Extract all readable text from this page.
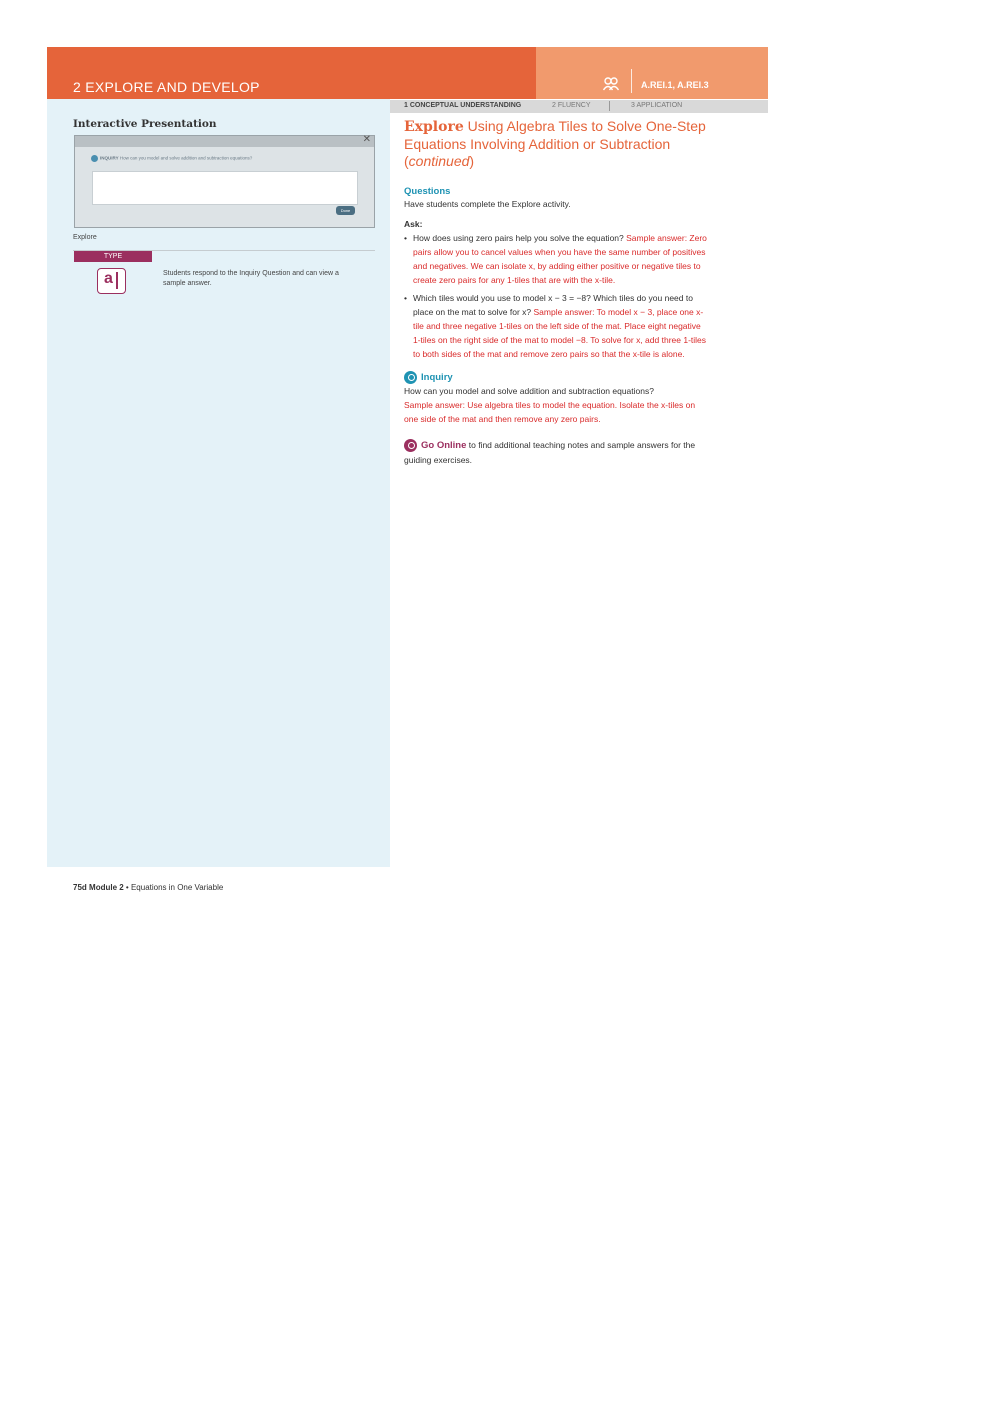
2 EXPLORE AND DEVELOP	A.REI.1, A.REI.3
1 CONCEPTUAL UNDERSTANDING	2 FLUENCY	3 APPLICATION
Interactive Presentation
✕
INQUIRY How can you model and solve addition and subtraction equations?
Done
Explore
TYPE
a	Students respond to the Inquiry Question and can view a sample answer.
Explore Using Algebra Tiles to Solve One-Step Equations Involving Addition or Subtraction (continued)
Questions

Have students complete the Explore activity.

Ask:

• How does using zero pairs help you solve the equation? Sample answer: Zero pairs allow you to cancel values when you have the same number of positives and negatives. We can isolate x, by adding either positive or negative tiles to create zero pairs for any 1-tiles that are with the x-tile.
• Which tiles would you use to model x − 3 = −8? Which tiles do you need to place on the mat to solve for x? Sample answer: To model x − 3, place one x-tile and three negative 1-tiles on the left side of the mat. Place eight negative 1-tiles on the right side of the mat to model −8. To solve for x, add three 1-tiles to both sides of the mat and remove zero pairs so that the x-tile is alone.
Inquiry

How can you model and solve addition and subtraction equations?

Sample answer: Use algebra tiles to model the equation. Isolate the x-tiles on one side of the mat and then remove any zero pairs.

Go Online to find additional teaching notes and sample answers for the guiding exercises.

75d Module 2 • Equations in One Variable
